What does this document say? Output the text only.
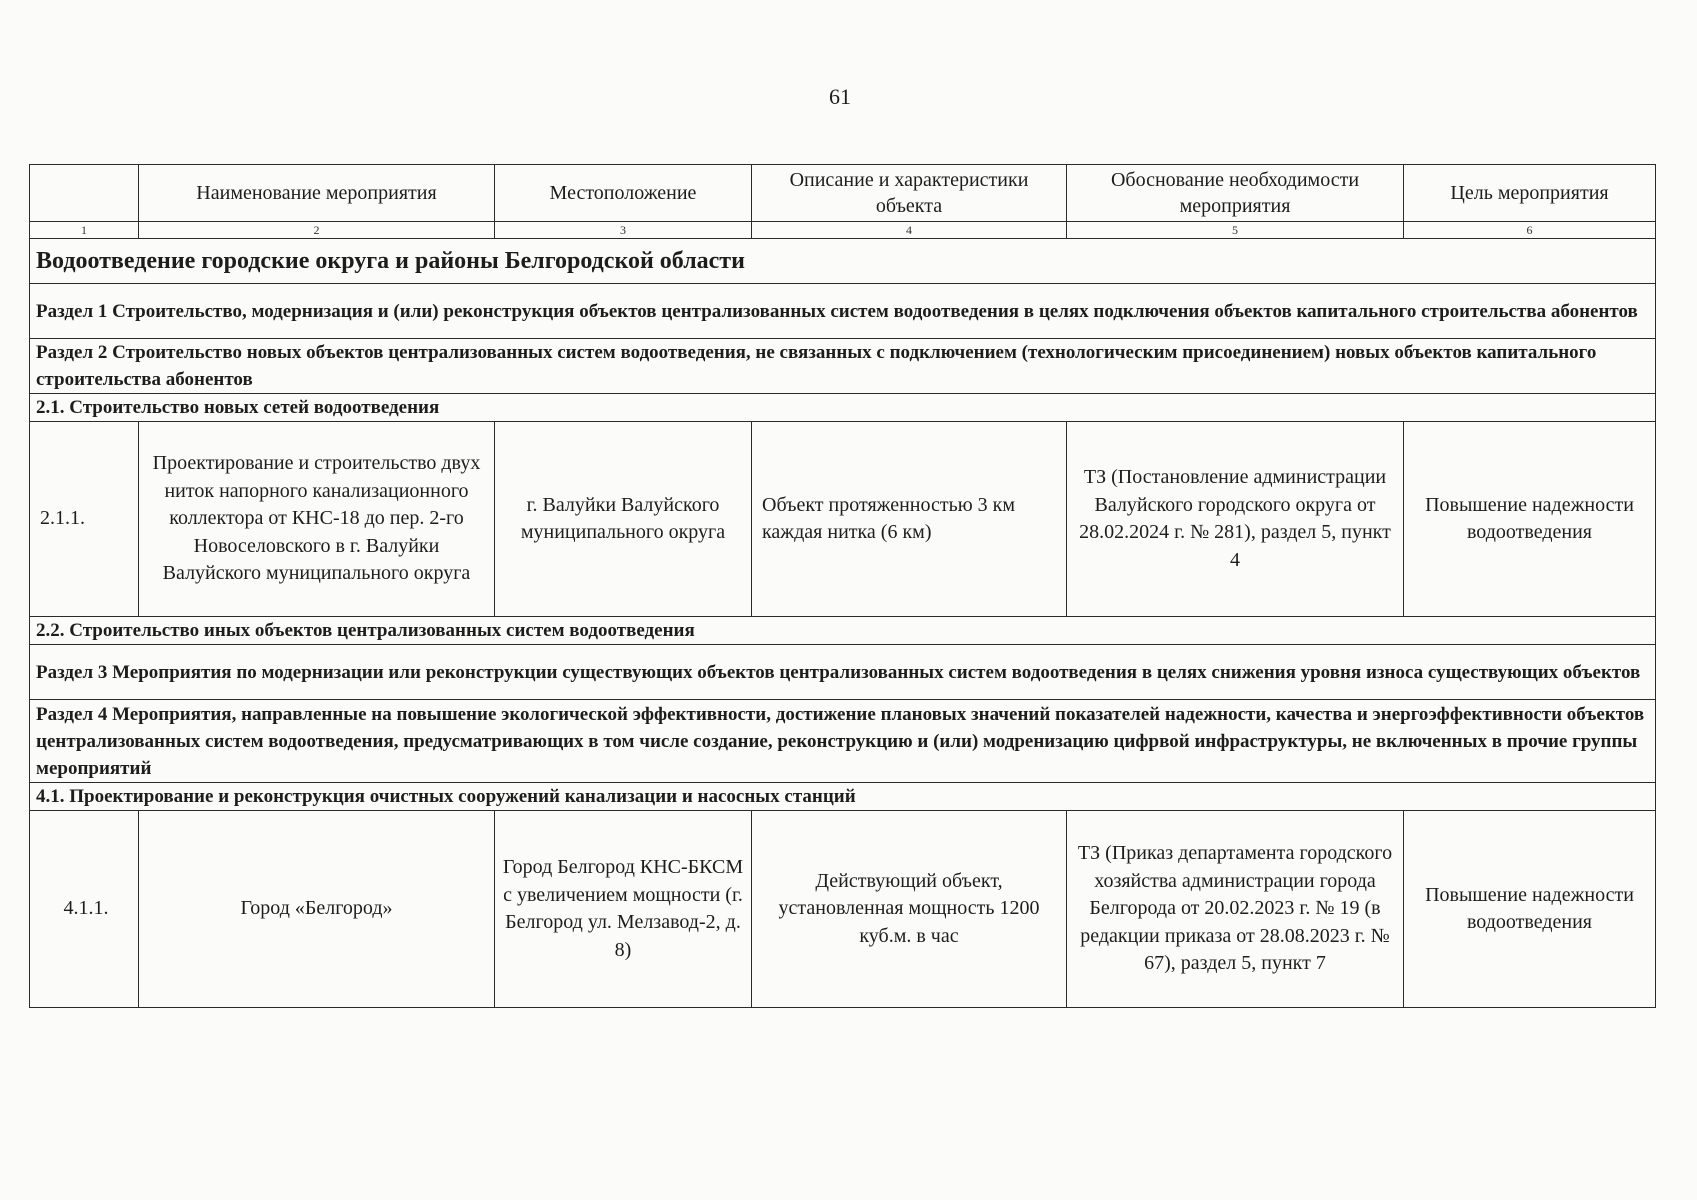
61
	Наименование мероприятия	Местоположение	Описание и характеристики объекта	Обоснование необходимости мероприятия	Цель мероприятия
1	2	3	4	5	6
Водоотведение городские округа и районы Белгородской области					
Раздел 1 Строительство, модернизация и (или) реконструкция объектов централизованных систем водоотведения в целях подключения объектов капитального строительства абонентов					
Раздел 2 Строительство новых объектов централизованных систем водоотведения, не связанных с подключением (технологическим присоединением) новых объектов капитального строительства абонентов					
2.1. Строительство новых сетей водоотведения					
2.1.1.	Проектирование и строительство двух ниток напорного канализационного коллектора от КНС-18 до пер. 2-го Новоселовского в г. Валуйки Валуйского муниципального округа	г. Валуйки Валуйского муниципального округа	Объект протяженностью 3 км каждая нитка (6 км)	ТЗ (Постановление администрации Валуйского городского округа от 28.02.2024 г. № 281), раздел 5, пункт 4	Повышение надежности водоотведения
2.2. Строительство иных объектов централизованных систем водоотведения					
Раздел 3 Мероприятия по модернизации или реконструкции существующих объектов централизованных систем водоотведения в целях снижения уровня износа существующих объектов					
Раздел 4 Мероприятия, направленные на повышение экологической эффективности, достижение плановых значений показателей надежности, качества и энергоэффективности объектов централизованных систем водоотведения, предусматривающих в том числе создание, реконструкцию и (или) модренизацию цифрвой инфраструктуры, не включенных в прочие группы мероприятий					
4.1. Проектирование и реконструкция очистных сооружений канализации и насосных станций					
4.1.1.	Город «Белгород»	Город Белгород КНС-БКСМ с увеличением мощности (г. Белгород ул. Мелзавод-2, д. 8)	Действующий объект, установленная мощность 1200 куб.м. в час	ТЗ (Приказ департамента городского хозяйства администрации города Белгорода от 20.02.2023 г. № 19 (в редакции приказа от 28.08.2023 г. № 67), раздел 5, пункт 7	Повышение надежности водоотведения
